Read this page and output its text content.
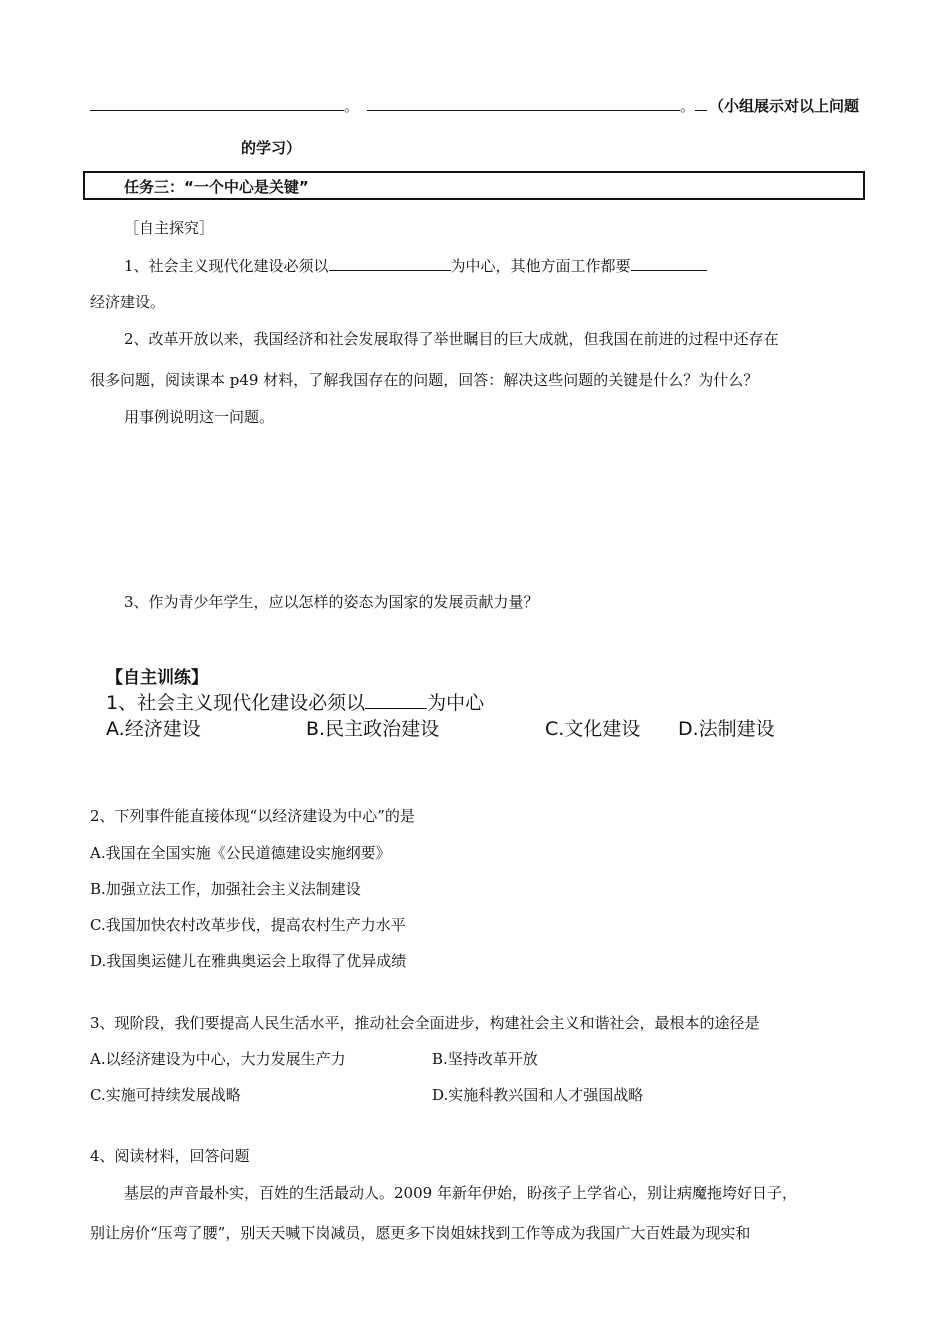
。	。 （小组展示对以上问题
的学习）
任务三：“一个中心是关键”
［自主探究］
1、社会主义现代化建设必须以	为中心，其他方面工作都要
经济建设。
2、改革开放以来，我国经济和社会发展取得了举世瞩目的巨大成就，但我国在前进的过程中还存在
很多问题，阅读课本 p49 材料，了解我国存在的问题，回答：解决这些问题的关键是什么？为什么？
用事例说明这一问题。
3、作为青少年学生，应以怎样的姿态为国家的发展贡献力量？
【自主训练】
1、社会主义现代化建设必须以	为中心
A.经济建设	B.民主政治建设	C.文化建设 D.法制建设
2、下列事件能直接体现“以经济建设为中心”的是
A.我国在全国实施《公民道德建设实施纲要》
B.加强立法工作，加强社会主义法制建设
C.我国加快农村改革步伐，提高农村生产力水平
D.我国奥运健儿在雅典奥运会上取得了优异成绩
3、现阶段，我们要提高人民生活水平，推动社会全面进步，构建社会主义和谐社会，最根本的途径是
A.以经济建设为中心，大力发展生产力	B.坚持改革开放
C.实施可持续发展战略	D.实施科教兴国和人才强国战略
4、阅读材料，回答问题
基层的声音最朴实，百姓的生活最动人。2009 年新年伊始，盼孩子上学省心，别让病魔拖垮好日子，
别让房价“压弯了腰”，别天天喊下岗减员，愿更多下岗姐妹找到工作等成为我国广大百姓最为现实和
